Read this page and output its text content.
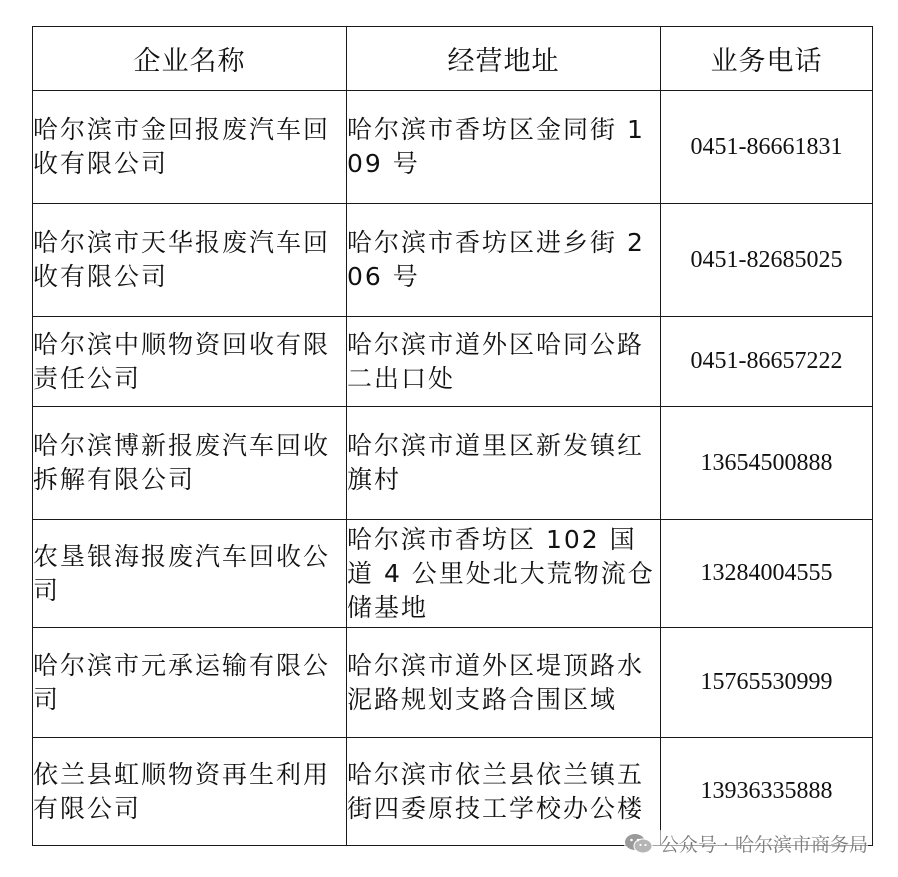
企业名称	经营地址	业务电话
哈尔滨市金回报废汽车回收有限公司	哈尔滨市香坊区金同街 109 号	0451-86661831
哈尔滨市天华报废汽车回收有限公司	哈尔滨市香坊区进乡街 206 号	0451-82685025
哈尔滨中顺物资回收有限责任公司	哈尔滨市道外区哈同公路二出口处	0451-86657222
哈尔滨博新报废汽车回收拆解有限公司	哈尔滨市道里区新发镇红旗村	13654500888
农垦银海报废汽车回收公司	哈尔滨市香坊区 102 国道 4 公里处北大荒物流仓储基地	13284004555
哈尔滨市元承运输有限公司	哈尔滨市道外区堤顶路水泥路规划支路合围区域	15765530999
依兰县虹顺物资再生利用有限公司	哈尔滨市依兰县依兰镇五街四委原技工学校办公楼	13936335888
公众号 · 哈尔滨市商务局
